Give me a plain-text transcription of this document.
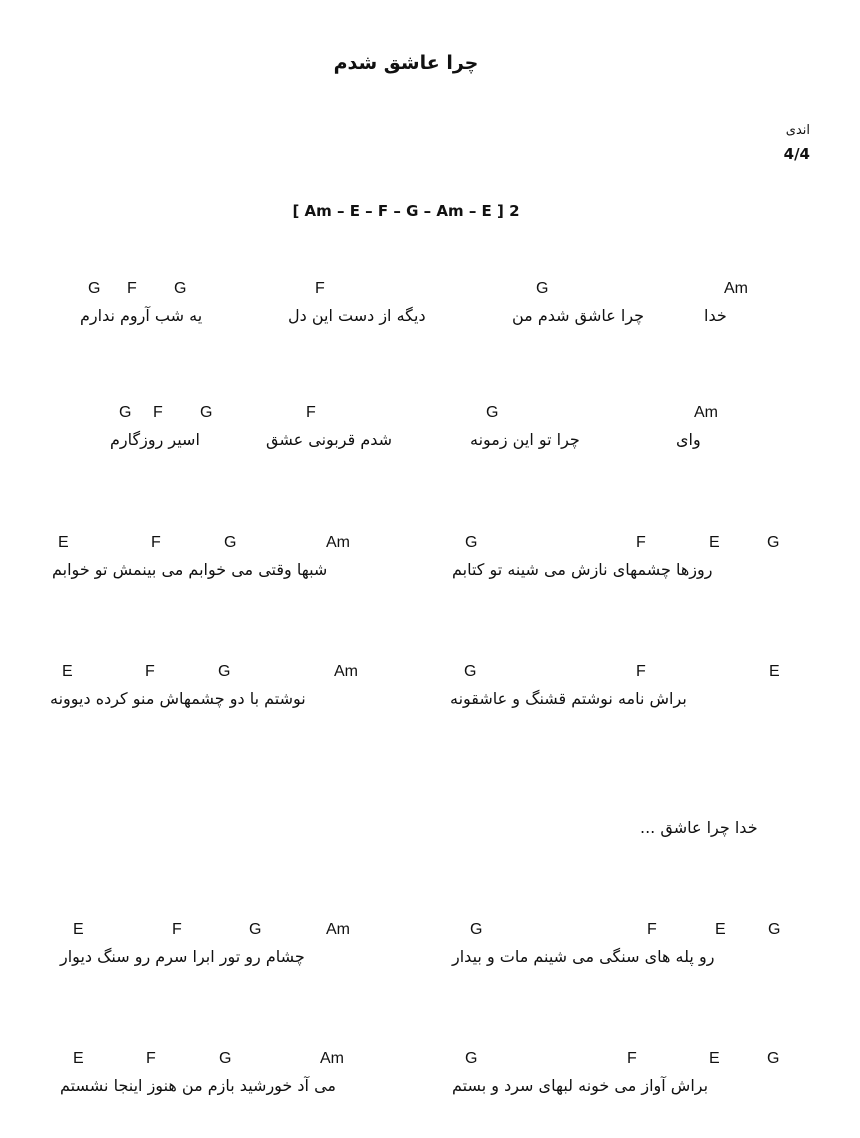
چرا عاشق شدم
اندی
4/4
[ Am – E – F – G – Am – E ] 2
G F G	F	G	Am
یه شب آروم ندارم	دیگه از دست این دل	چرا عاشق شدم من	خدا
G F G	F	G	Am
اسیر روزگارم	شدم قربونی عشق	چرا تو این زمونه	وای
E	F	G	Am	G	F	E	G
شبها وقتی می خوابم می بینمش تو خوابم	روزها چشمهای نازش می شینه تو کتابم
E	F	G	Am	G	F	E
نوشتم با دو چشمهاش منو کرده دیوونه	براش نامه نوشتم قشنگ و عاشقونه
خدا چرا عاشق ...
E	F	G	Am	G	F	E	G
چشام رو تور ابرا سرم رو سنگ دیوار	رو پله های سنگی می شینم مات و بیدار
E	F	G	Am	G	F	E	G
می آد خورشید بازم من هنوز اینجا نشستم	براش آواز می خونه لبهای سرد و بستم
